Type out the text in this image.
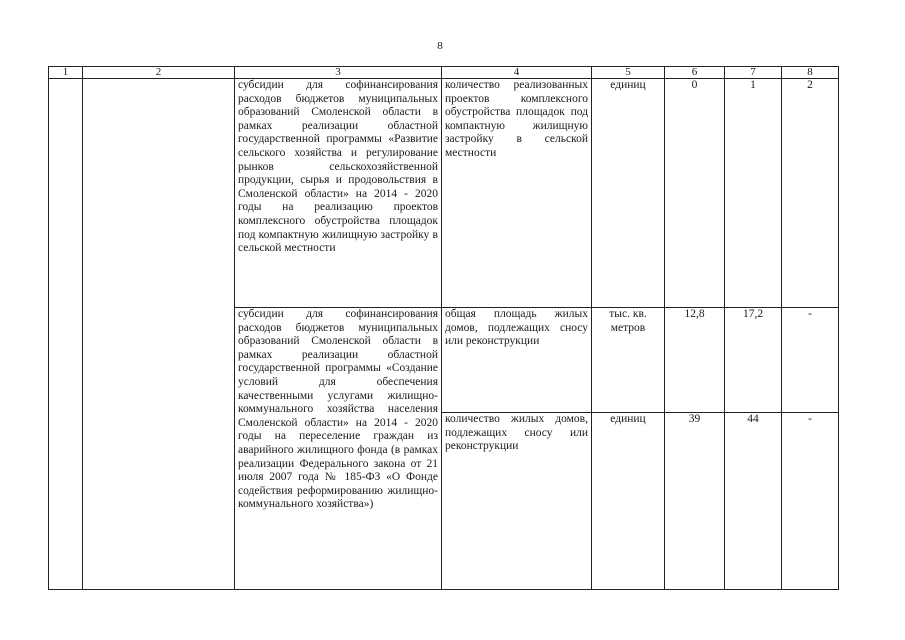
8
1	2	3	4	5	6	7	8
		субсидии для софинансирования расходов бюджетов муниципальных образований Смоленской области в рамках реализации областной государственной программы «Развитие сельского хозяйства и регулирование рынков сельскохозяйственной продукции, сырья и продовольствия в Смоленской области» на 2014 - 2020 годы на реализацию проектов комплексного обустройства площадок под компактную жилищную застройку в сельской местности	количество реализованных проектов комплексного обустройства площадок под компактную жилищную застройку в сельской местности	единиц	0	1	2
		субсидии для софинансирования расходов бюджетов муниципальных образований Смоленской области в рамках реализации областной государственной программы «Создание условий для обеспечения качественными услугами жилищно-коммунального хозяйства населения Смоленской области» на 2014 - 2020 годы на переселение граждан из аварийного жилищного фонда (в рамках реализации Федерального закона от 21 июля 2007 года № 185-ФЗ «О Фонде содействия реформированию жилищно-коммунального хозяйства»)	общая площадь жилых домов, подлежащих сносу или реконструкции	тыс. кв. метров	12,8	17,2	-
			количество жилых домов, подлежащих сносу или реконструкции	единиц	39	44	-
